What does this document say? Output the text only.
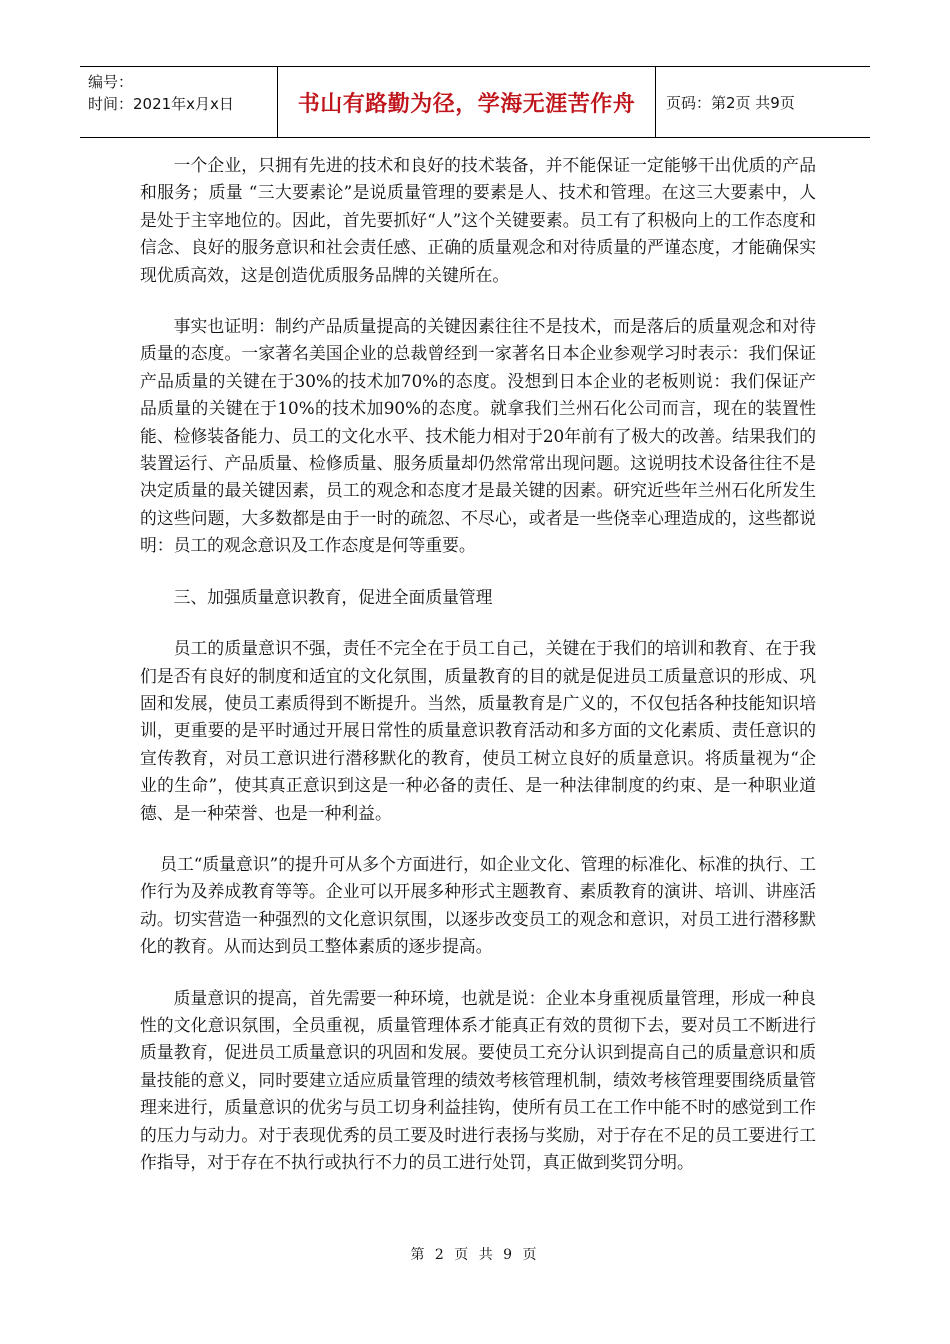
编号：
时间：2021年x月x日	书山有路勤为径，学海无涯苦作舟	页码：第2页 共9页

一个企业，只拥有先进的技术和良好的技术装备，并不能保证一定能够干出优质的产品和服务；质量 “三大要素论”是说质量管理的要素是人、技术和管理。在这三大要素中，人是处于主宰地位的。因此，首先要抓好“人”这个关键要素。员工有了积极向上的工作态度和信念、良好的服务意识和社会责任感、正确的质量观念和对待质量的严谨态度，才能确保实现优质高效，这是创造优质服务品牌的关键所在。

事实也证明：制约产品质量提高的关键因素往往不是技术，而是落后的质量观念和对待质量的态度。一家著名美国企业的总裁曾经到一家著名日本企业参观学习时表示：我们保证产品质量的关键在于30%的技术加70%的态度。没想到日本企业的老板则说：我们保证产品质量的关键在于10%的技术加90%的态度。就拿我们兰州石化公司而言，现在的装置性能、检修装备能力、员工的文化水平、技术能力相对于20年前有了极大的改善。结果我们的装置运行、产品质量、检修质量、服务质量却仍然常常出现问题。这说明技术设备往往不是决定质量的最关键因素，员工的观念和态度才是最关键的因素。研究近些年兰州石化所发生的这些问题，大多数都是由于一时的疏忽、不尽心，或者是一些侥幸心理造成的，这些都说明：员工的观念意识及工作态度是何等重要。

三、加强质量意识教育，促进全面质量管理

员工的质量意识不强，责任不完全在于员工自己，关键在于我们的培训和教育、在于我们是否有良好的制度和适宜的文化氛围，质量教育的目的就是促进员工质量意识的形成、巩固和发展，使员工素质得到不断提升。当然，质量教育是广义的，不仅包括各种技能知识培训，更重要的是平时通过开展日常性的质量意识教育活动和多方面的文化素质、责任意识的宣传教育，对员工意识进行潜移默化的教育，使员工树立良好的质量意识。将质量视为“企业的生命”，使其真正意识到这是一种必备的责任、是一种法律制度的约束、是一种职业道德、是一种荣誉、也是一种利益。

员工“质量意识”的提升可从多个方面进行，如企业文化、管理的标准化、标准的执行、工作行为及养成教育等等。企业可以开展多种形式主题教育、素质教育的演讲、培训、讲座活动。切实营造一种强烈的文化意识氛围，以逐步改变员工的观念和意识，对员工进行潜移默化的教育。从而达到员工整体素质的逐步提高。

质量意识的提高，首先需要一种环境，也就是说：企业本身重视质量管理，形成一种良性的文化意识氛围，全员重视，质量管理体系才能真正有效的贯彻下去，要对员工不断进行质量教育，促进员工质量意识的巩固和发展。要使员工充分认识到提高自己的质量意识和质量技能的意义，同时要建立适应质量管理的绩效考核管理机制，绩效考核管理要围绕质量管理来进行，质量意识的优劣与员工切身利益挂钩，使所有员工在工作中能不时的感觉到工作的压力与动力。对于表现优秀的员工要及时进行表扬与奖励，对于存在不足的员工要进行工作指导，对于存在不执行或执行不力的员工进行处罚，真正做到奖罚分明。

第 2 页 共 9 页
